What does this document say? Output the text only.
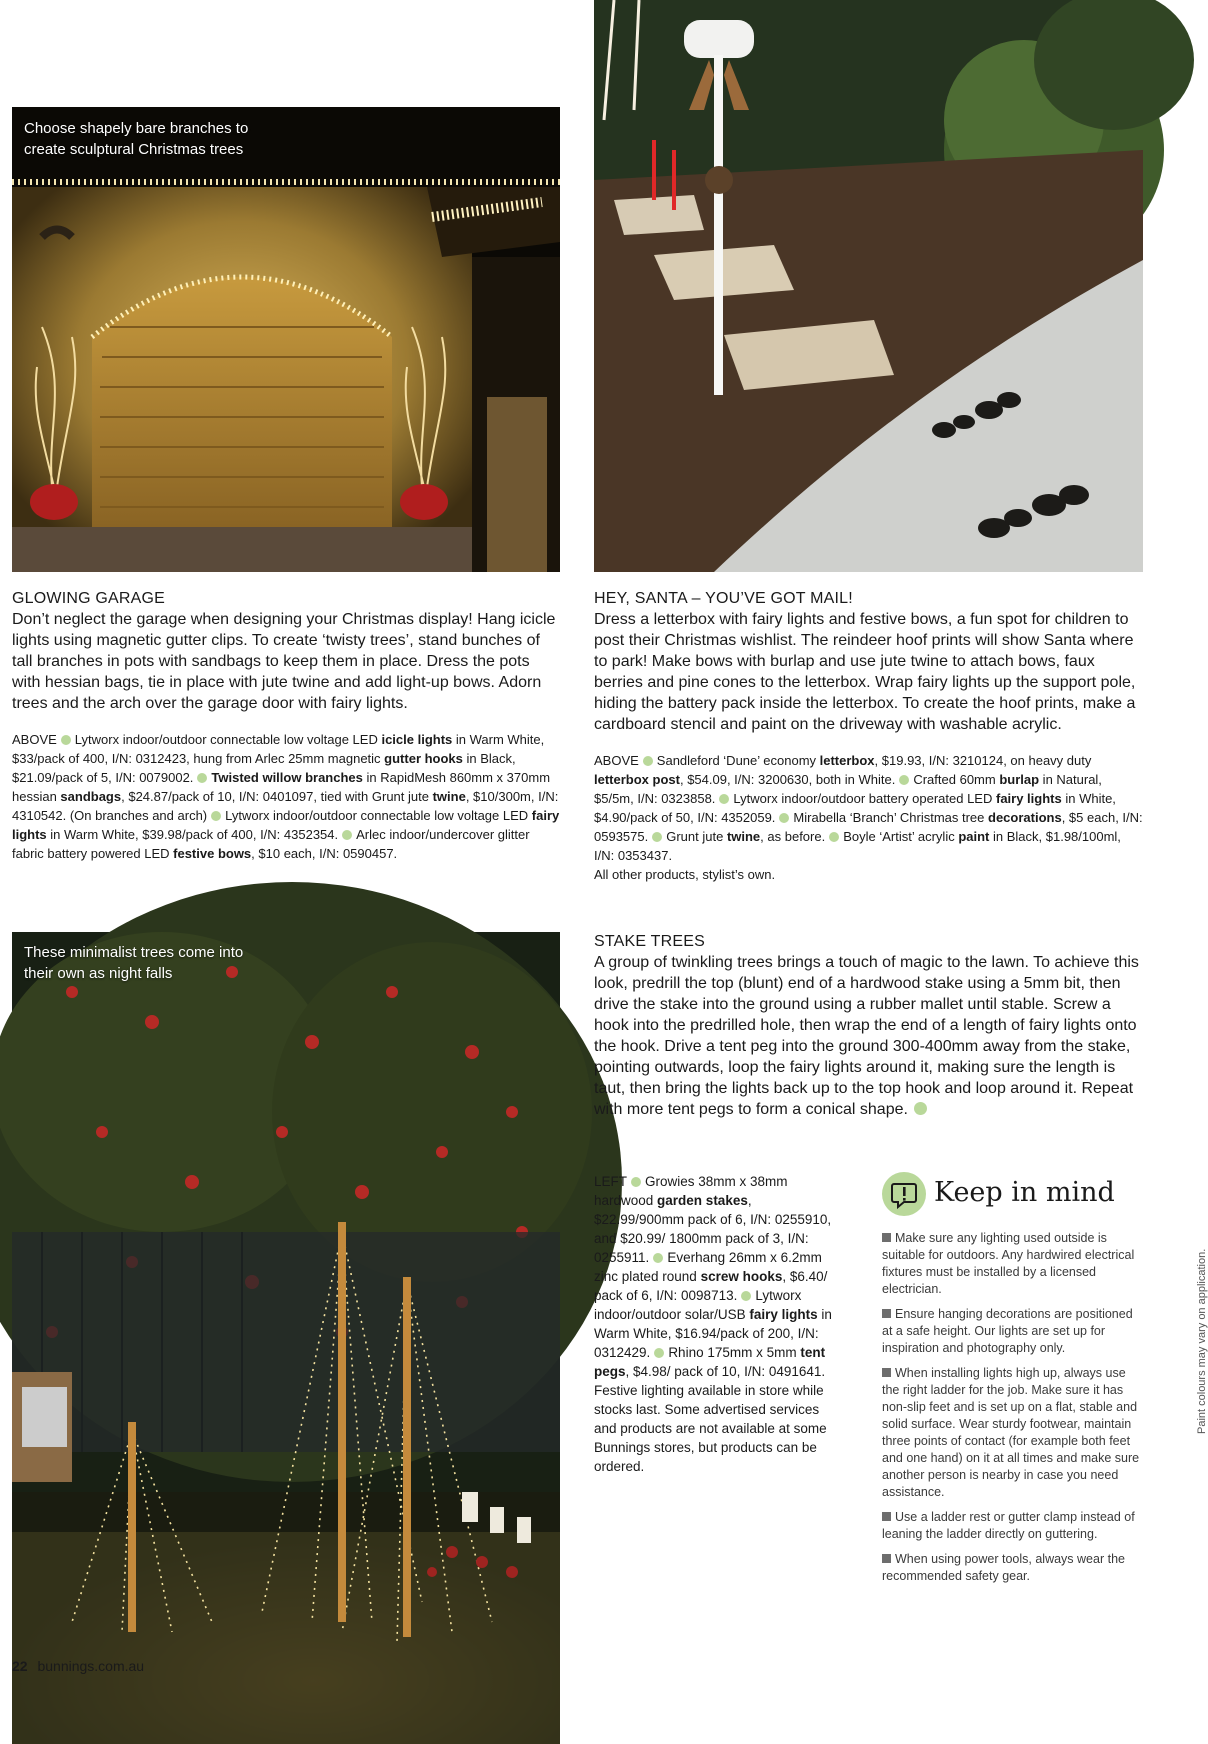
Choose shapely bare branches to create sculptural Christmas trees
GLOWING GARAGE
Don’t neglect the garage when designing your Christmas display! Hang icicle lights using magnetic gutter clips. To create ‘twisty trees’, stand bunches of tall branches in pots with sandbags to keep them in place. Dress the pots with hessian bags, tie in place with jute twine and add light-up bows. Adorn trees and the arch over the garage door with fairy lights.
ABOVE Lytworx indoor/outdoor connectable low voltage LED icicle lights in Warm White, $33/pack of 400, I/N: 0312423, hung from Arlec 25mm magnetic gutter hooks in Black, $21.09/pack of 5, I/N: 0079002. Twisted willow branches in RapidMesh 860mm x 370mm hessian sandbags, $24.87/pack of 10, I/N: 0401097, tied with Grunt jute twine, $10/300m, I/N: 4310542. (On branches and arch) Lytworx indoor/outdoor connectable low voltage LED fairy lights in Warm White, $39.98/pack of 400, I/N: 4352354. Arlec indoor/undercover glitter fabric battery powered LED festive bows, $10 each, I/N: 0590457.
HEY, SANTA – YOU’VE GOT MAIL!
Dress a letterbox with fairy lights and festive bows, a fun spot for children to post their Christmas wishlist. The reindeer hoof prints will show Santa where to park! Make bows with burlap and use jute twine to attach bows, faux berries and pine cones to the letterbox. Wrap fairy lights up the support pole, hiding the battery pack inside the letterbox. To create the hoof prints, make a cardboard stencil and paint on the driveway with washable acrylic.
ABOVE Sandleford ‘Dune’ economy letterbox, $19.93, I/N: 3210124, on heavy duty letterbox post, $54.09, I/N: 3200630, both in White. Crafted 60mm burlap in Natural, $5/5m, I/N: 0323858. Lytworx indoor/outdoor battery operated LED fairy lights in White, $4.90/pack of 50, I/N: 4352059. Mirabella ‘Branch’ Christmas tree decorations, $5 each, I/N: 0593575. Grunt jute twine, as before. Boyle ‘Artist’ acrylic paint in Black, $1.98/100ml, I/N: 0353437.
All other products, stylist’s own.
These minimalist trees come into their own as night falls
STAKE TREES
A group of twinkling trees brings a touch of magic to the lawn. To achieve this look, predrill the top (blunt) end of a hardwood stake using a 5mm bit, then drive the stake into the ground using a rubber mallet until stable. Screw a hook into the predrilled hole, then wrap the end of a length of fairy lights onto the hook. Drive a tent peg into the ground 300-400mm away from the stake, pointing outwards, loop the fairy lights around it, making sure the length is taut, then bring the lights back up to the top hook and loop around it. Repeat with more tent pegs to form a conical shape.
LEFT Growies 38mm x 38mm hardwood garden stakes, $22.99/900mm pack of 6, I/N: 0255910, and $20.99/ 1800mm pack of 3, I/N: 0255911. Everhang 26mm x 6.2mm zinc plated round screw hooks, $6.40/ pack of 6, I/N: 0098713. Lytworx indoor/outdoor solar/USB fairy lights in Warm White, $16.94/pack of 200, I/N: 0312429. Rhino 175mm x 5mm tent pegs, $4.98/ pack of 10, I/N: 0491641. Festive lighting available in store while stocks last. Some advertised services and products are not available at some Bunnings stores, but products can be ordered.
Keep in mind
Make sure any lighting used outside is suitable for outdoors. Any hardwired electrical fixtures must be installed by a licensed electrician.
Ensure hanging decorations are positioned at a safe height. Our lights are set up for inspiration and photography only.
When installing lights high up, always use the right ladder for the job. Make sure it has non-slip feet and is set up on a flat, stable and solid surface. Wear sturdy footwear, maintain three points of contact (for example both feet and one hand) on it at all times and make sure another person is nearby in case you need assistance.
Use a ladder rest or gutter clamp instead of leaning the ladder directly on guttering.
When using power tools, always wear the recommended safety gear.
22 bunnings.com.au
Paint colours may vary on application.
